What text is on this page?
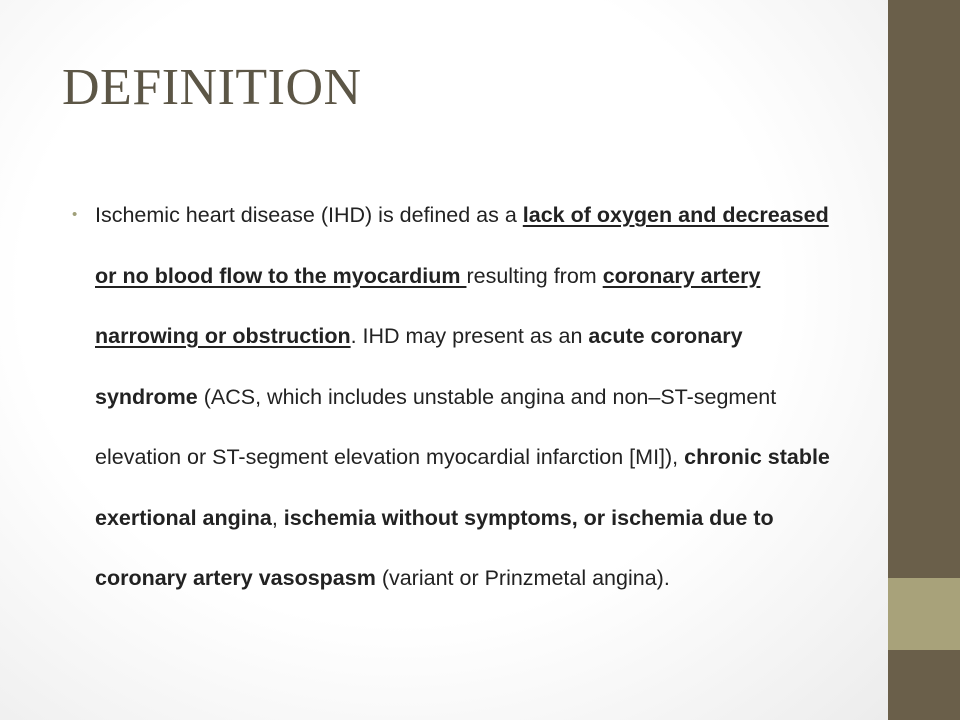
DEFINITION
• Ischemic heart disease (IHD) is defined as a lack of oxygen and decreased or no blood flow to the myocardium resulting from coronary artery narrowing or obstruction. IHD may present as an acute coronary syndrome (ACS, which includes unstable angina and non–ST-segment elevation or ST-segment elevation myocardial infarction [MI]), chronic stable exertional angina, ischemia without symptoms, or ischemia due to coronary artery vasospasm (variant or Prinzmetal angina).
